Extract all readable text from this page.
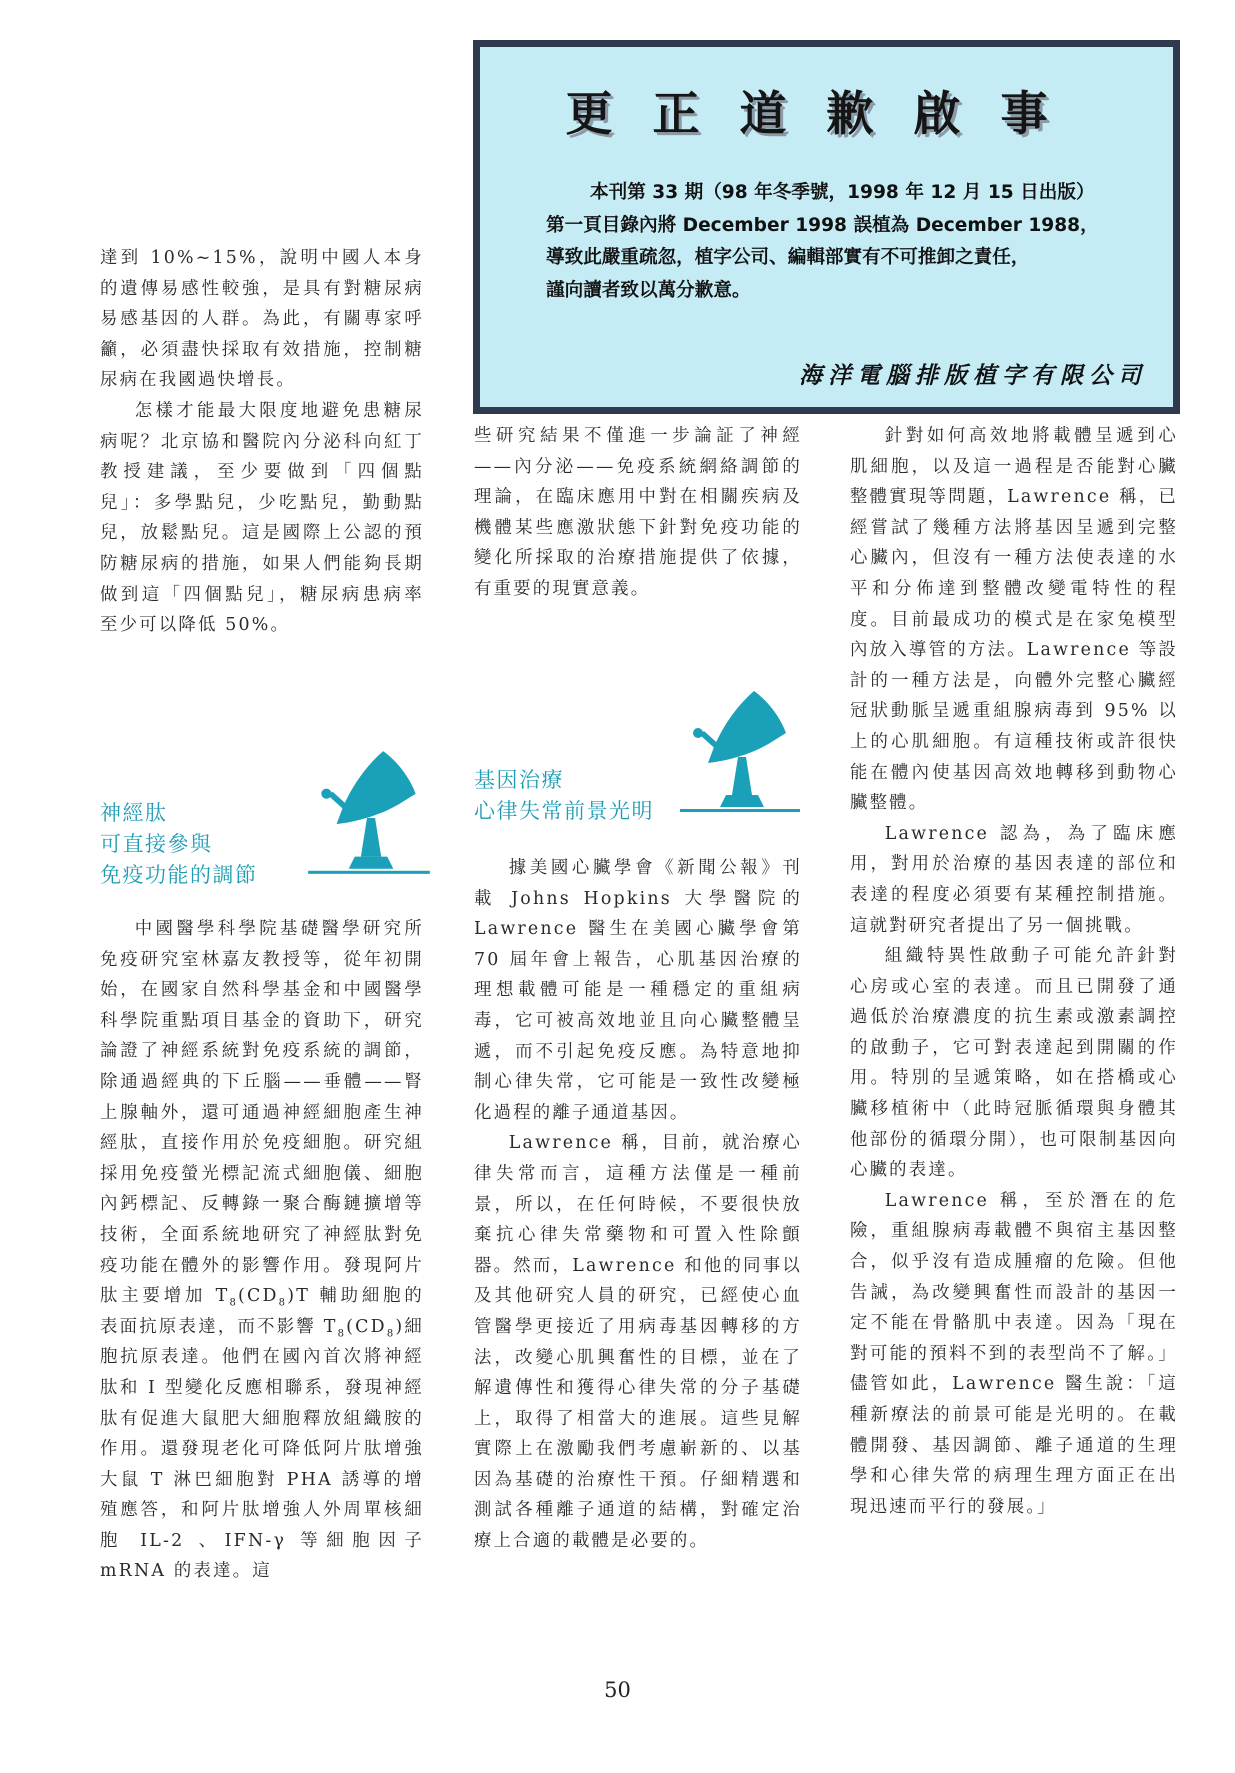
更正道歉啟事
本刊第 33 期（98 年冬季號，1998 年 12 月 15 日出版）
第一頁目錄內將 December 1998 誤植為 December 1988，
導致此嚴重疏忽，植字公司、編輯部實有不可推卸之責任，
謹向讀者致以萬分歉意。
海洋電腦排版植字有限公司

達到 10%~15%，說明中國人本身的遺傳易感性較強，是具有對糖尿病易感基因的人群。為此，有關專家呼籲，必須盡快採取有效措施，控制糖尿病在我國過快增長。

怎樣才能最大限度地避免患糖尿病呢？北京協和醫院內分泌科向紅丁教授建議，至少要做到「四個點兒」：多學點兒，少吃點兒，勤動點兒，放鬆點兒。這是國際上公認的預防糖尿病的措施，如果人們能夠長期做到這「四個點兒」，糖尿病患病率至少可以降低 50%。

神經肽
可直接參與
免疫功能的調節

中國醫學科學院基礎醫學研究所免疫研究室林嘉友教授等，從年初開始，在國家自然科學基金和中國醫學科學院重點項目基金的資助下，研究論證了神經系統對免疫系統的調節，除通過經典的下丘腦——垂體——腎上腺軸外，還可通過神經細胞產生神經肽，直接作用於免疫細胞。研究組採用免疫螢光標記流式細胞儀、細胞內鈣標記、反轉錄一聚合酶鏈擴增等技術，全面系統地研究了神經肽對免疫功能在體外的影響作用。發現阿片肽主要增加 $T_8(CD_8)T$ 輔助細胞的表面抗原表達，而不影響 $T_8(CD_8)$細胞抗原表達。他們在國內首次將神經肽和 I 型變化反應相聯系，發現神經肽有促進大鼠肥大細胞釋放組織胺的作用。還發現老化可降低阿片肽增強大鼠 T 淋巴細胞對 PHA 誘導的增殖應答，和阿片肽增強人外周單核細胞 IL-2 、IFN-γ 等細胞因子 mRNA 的表達。這

些研究結果不僅進一步論証了神經——內分泌——免疫系統網絡調節的理論，在臨床應用中對在相關疾病及機體某些應激狀態下針對免疫功能的變化所採取的治療措施提供了依據，有重要的現實意義。

基因治療
心律失常前景光明

據美國心臟學會《新聞公報》刊載 Johns Hopkins 大學醫院的 Lawrence 醫生在美國心臟學會第 70 屆年會上報告，心肌基因治療的理想載體可能是一種穩定的重組病毒，它可被高效地並且向心臟整體呈遞，而不引起免疫反應。為特意地抑制心律失常，它可能是一致性改變極化過程的離子通道基因。

Lawrence 稱，目前，就治療心律失常而言，這種方法僅是一種前景，所以，在任何時候，不要很快放棄抗心律失常藥物和可置入性除顫器。然而，Lawrence 和他的同事以及其他研究人員的研究，已經使心血管醫學更接近了用病毒基因轉移的方法，改變心肌興奮性的目標，並在了解遺傳性和獲得心律失常的分子基礎上，取得了相當大的進展。這些見解實際上在激勵我們考慮嶄新的、以基因為基礎的治療性干預。仔細精選和測試各種離子通道的結構，對確定治療上合適的載體是必要的。

針對如何高效地將載體呈遞到心肌細胞，以及這一過程是否能對心臟整體實現等問題，Lawrence 稱，已經嘗試了幾種方法將基因呈遞到完整心臟內，但沒有一種方法使表達的水平和分佈達到整體改變電特性的程度。目前最成功的模式是在家兔模型內放入導管的方法。Lawrence 等設計的一種方法是，向體外完整心臟經冠狀動脈呈遞重組腺病毒到 95% 以上的心肌細胞。有這種技術或許很快能在體內使基因高效地轉移到動物心臟整體。

Lawrence 認為，為了臨床應用，對用於治療的基因表達的部位和表達的程度必須要有某種控制措施。這就對研究者提出了另一個挑戰。

組織特異性啟動子可能允許針對心房或心室的表達。而且已開發了通過低於治療濃度的抗生素或激素調控的啟動子，它可對表達起到開關的作用。特別的呈遞策略，如在搭橋或心臟移植術中（此時冠脈循環與身體其他部份的循環分開），也可限制基因向心臟的表達。

Lawrence 稱，至於潛在的危險，重組腺病毒載體不與宿主基因整合，似乎沒有造成腫瘤的危險。但他告誡，為改變興奮性而設計的基因一定不能在骨骼肌中表達。因為「現在對可能的預料不到的表型尚不了解。」儘管如此，Lawrence 醫生說：「這種新療法的前景可能是光明的。在載體開發、基因調節、離子通道的生理學和心律失常的病理生理方面正在出現迅速而平行的發展。」

50
